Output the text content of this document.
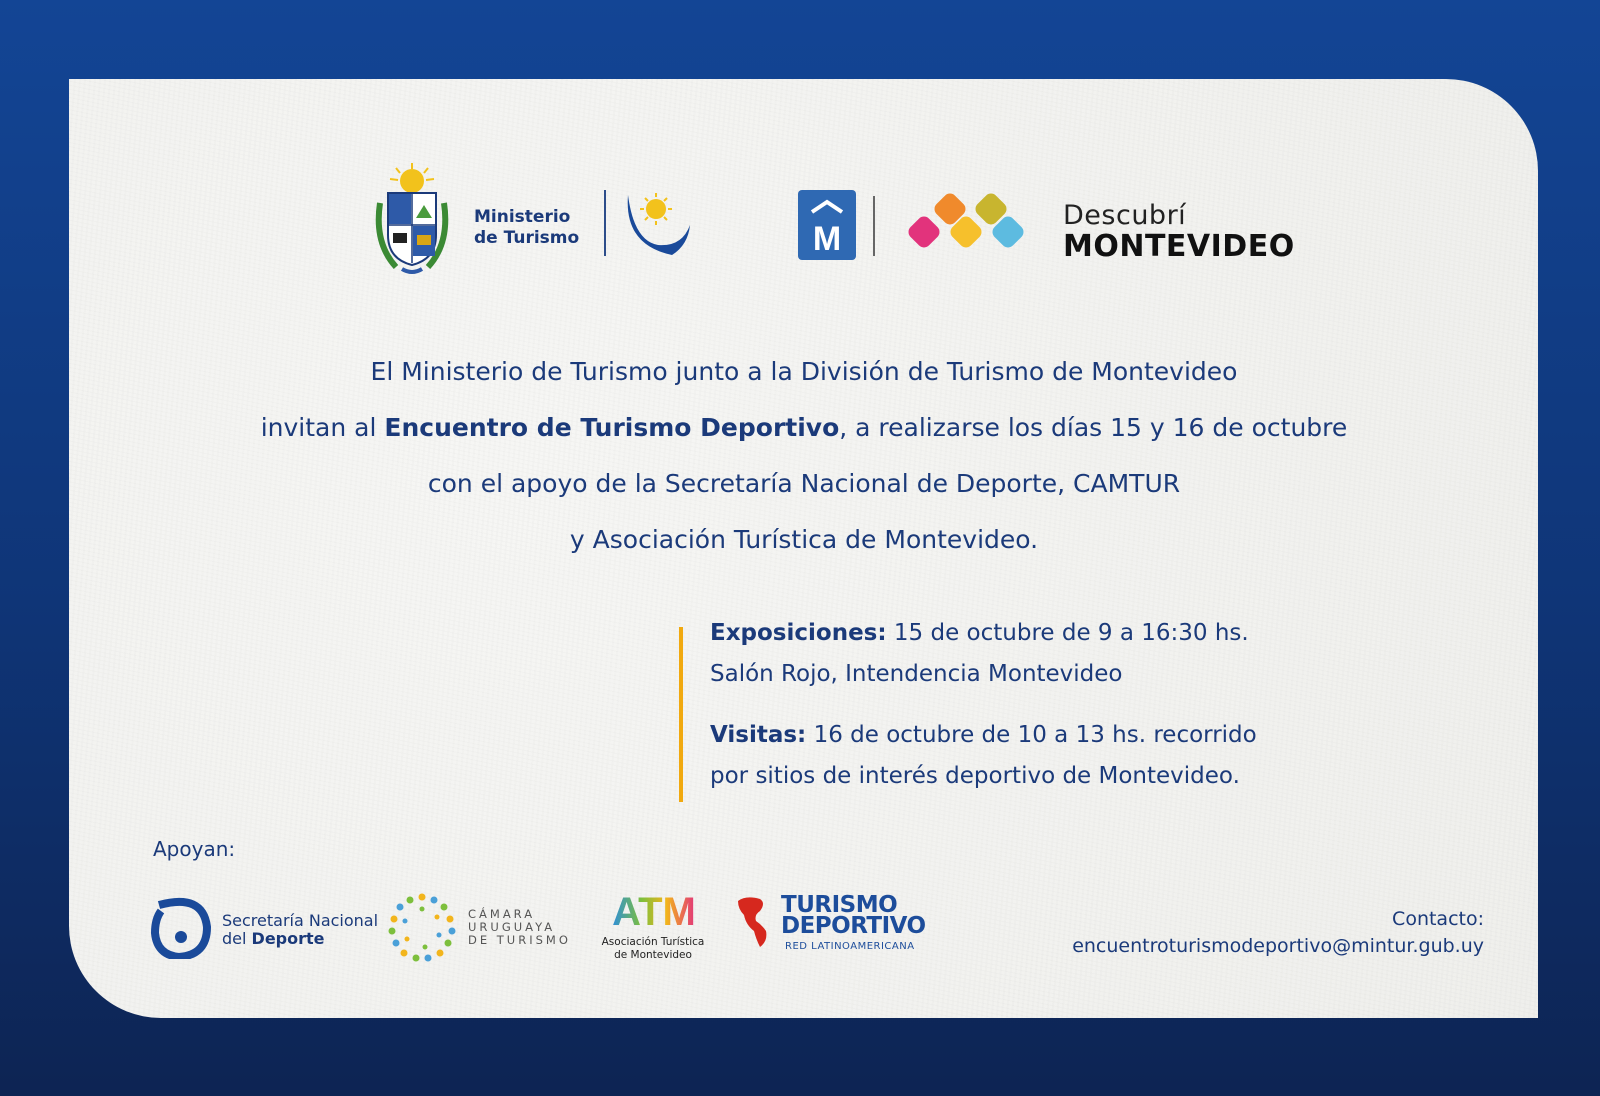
Ministerio
de Turismo	M
Descubrí
MONTEVIDEO

El Ministerio de Turismo junto a la División de Turismo de Montevideo

invitan al Encuentro de Turismo Deportivo, a realizarse los días 15 y 16 de octubre

con el apoyo de la Secretaría Nacional de Deporte, CAMTUR

y Asociación Turística de Montevideo.

Exposiciones: 15 de octubre de 9 a 16:30 hs.

Salón Rojo, Intendencia Montevideo

Visitas: 16 de octubre de 10 a 13 hs. recorrido

por sitios de interés deportivo de Montevideo.

Apoyan:
Secretaría Nacional
del Deporte
CÁMARA
URUGUAYA
DE TURISMO
ATM
Asociación Turística
de Montevideo
TURISMO
DEPORTIVO
RED LATINOAMERICANA
Contacto:
encuentroturismodeportivo@mintur.gub.uy
